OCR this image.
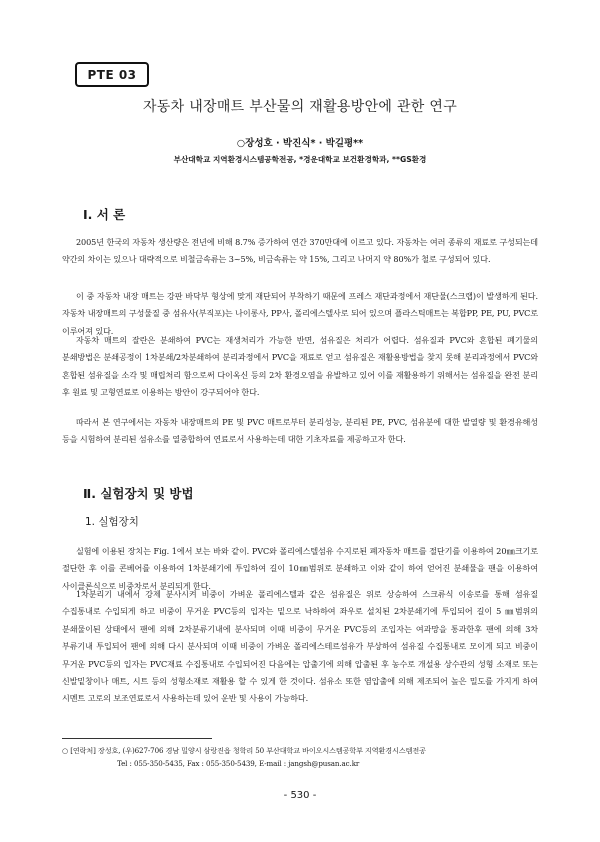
PTE 03
자동차 내장매트 부산물의 재활용방안에 관한 연구
○장성호 · 박진식* · 박길평**
부산대학교 지역환경시스템공학전공, *경운대학교 보건환경학과, **GS환경
Ⅰ. 서 론

2005년 한국의 자동차 생산량은 전년에 비해 8.7% 증가하여 연간 370만대에 이르고 있다. 자동차는 여러 종류의 재료로 구성되는데 약간의 차이는 있으나 대략적으로 비철금속류는 3~5%, 비금속류는 약 15%, 그리고 나머지 약 80%가 철로 구성되어 있다.

이 중 자동차 내장 매트는 강판 바닥부 형상에 맞게 재단되어 부착하기 때문에 프레스 재단과정에서 재단물(스크랩)이 발생하게 된다. 자동차 내장매트의 구성물질 중 섬유사(부직포)는 나이롱사, PP사, 폴리에스텔사로 되어 있으며 플라스틱매트는 복합PP, PE, PU, PVC로 이루어져 있다.

자동차 매트의 잘란은 분쇄하여 PVC는 재생처리가 가능한 반면, 섬유질은 처리가 어렵다. 섬유질과 PVC와 혼합된 폐기물의 분쇄방법은 분쇄공정이 1차분쇄/2차분쇄하여 분리과정에서 PVC을 재료로 얻고 섬유질은 재활용방법을 찾지 못해 분리과정에서 PVC와 혼합된 섬유질을 소각 및 매립처리 함으로써 다이옥신 등의 2차 환경오염을 유발하고 있어 이를 재활용하기 위해서는 섬유질을 완전 분리 후 원료 및 고형연료로 이용하는 방안이 강구되어야 한다.

따라서 본 연구에서는 자동차 내장매트의 PE 및 PVC 매트로부터 분리성능, 분리된 PE, PVC, 섬유분에 대한 발열량 및 환경유해성 등을 시험하여 분리된 섬유소를 열중합하여 연료로서 사용하는데 대한 기초자료를 제공하고자 한다.

Ⅱ. 실험장치 및 방법
1. 실험장치

실험에 이용된 장치는 Fig. 1에서 보는 바와 같이. PVC와 폴리에스텔섬유 수지로된 폐자동차 매트를 절단기를 이용하여 20㎜크기로 절단한 후 이를 콘베어를 이용하여 1차분쇄기에 투입하여 길이 10㎜범위로 분쇄하고 이와 같이 하여 얻어진 분쇄물을 팬을 이용하여 사이클론식으로 비중차로서 분리되게 한다.

1차분리기 내에서 강제 분사시켜 비중이 가벼운 폴리에스텔과 같은 섬유질은 위로 상승하여 스크류식 이송로를 통해 섬유질 수집통내로 수입되게 하고 비중이 무거운 PVC등의 입자는 밑으로 낙하하여 좌우로 설치된 2차분쇄기에 투입되어 길이 5 ㎜범위의 분쇄물이된 상태에서 팬에 의해 2차분류기내에 분사되며 이때 비중이 무거운 PVC등의 조입자는 여과망을 통과한후 팬에 의해 3차 부류기내 투입되어 팬에 의해 다시 분사되며 이때 비중이 가벼운 폴리에스테르섬유가 부상하여 섬유질 수집통내로 모이게 되고 비중이 무거운 PVC등의 입자는 PVC재료 수집통내로 수입되어진 다음에는 압출기에 의해 압출된 후 농수로 개설용 상수관의 성형 소재로 또는 신발밑창이나 매트, 시트 등의 성형소재로 재활용 할 수 있게 한 것이다. 섬유소 또한 염압출에 의해 제조되어 높은 밀도를 가지게 하여 시멘트 고로의 보조연료로서 사용하는데 있어 운반 및 사용이 가능하다.

○ [연락처] 장성호, (우)627-706 경남 밀양시 삼랑진읍 청학리 50 부산대학교 바이오시스템공학부 지역환경시스템전공
Tel : 055-350-5435, Fax : 055-350-5439, E-mail : jangsh@pusan.ac.kr
- 530 -
